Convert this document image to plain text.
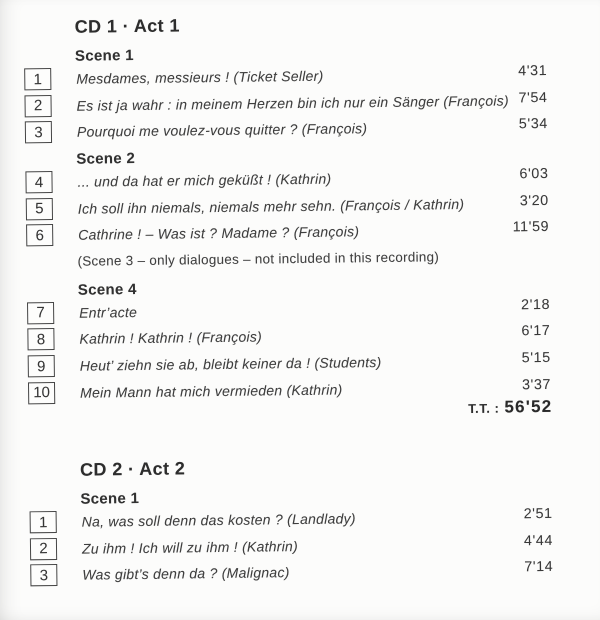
CD 1 · Act 1
Scene 1
1	Mesdames, messieurs ! (Ticket Seller)	4'31
2	Es ist ja wahr : in meinem Herzen bin ich nur ein Sänger (François) 7'54
3	Pourquoi me voulez-vous quitter ? (François)	5'34
Scene 2
4	... und da hat er mich geküßt ! (Kathrin)	6'03
5	Ich soll ihn niemals, niemals mehr sehn. (François / Kathrin)	3'20
6	Cathrine ! – Was ist ? Madame ? (François)	11'59
(Scene 3 – only dialogues – not included in this recording)
Scene 4
7	Entr’acte	2'18
8	Kathrin ! Kathrin ! (François)	6'17
9	Heut’ ziehn sie ab, bleibt keiner da ! (Students)	5'15
10	Mein Mann hat mich vermieden (Kathrin)	3'37
T.T. : 56'52
CD 2 · Act 2
Scene 1
1	Na, was soll denn das kosten ? (Landlady)	2'51
2	Zu ihm ! Ich will zu ihm ! (Kathrin)	4'44
3	Was gibt’s denn da ? (Malignac)	7'14
